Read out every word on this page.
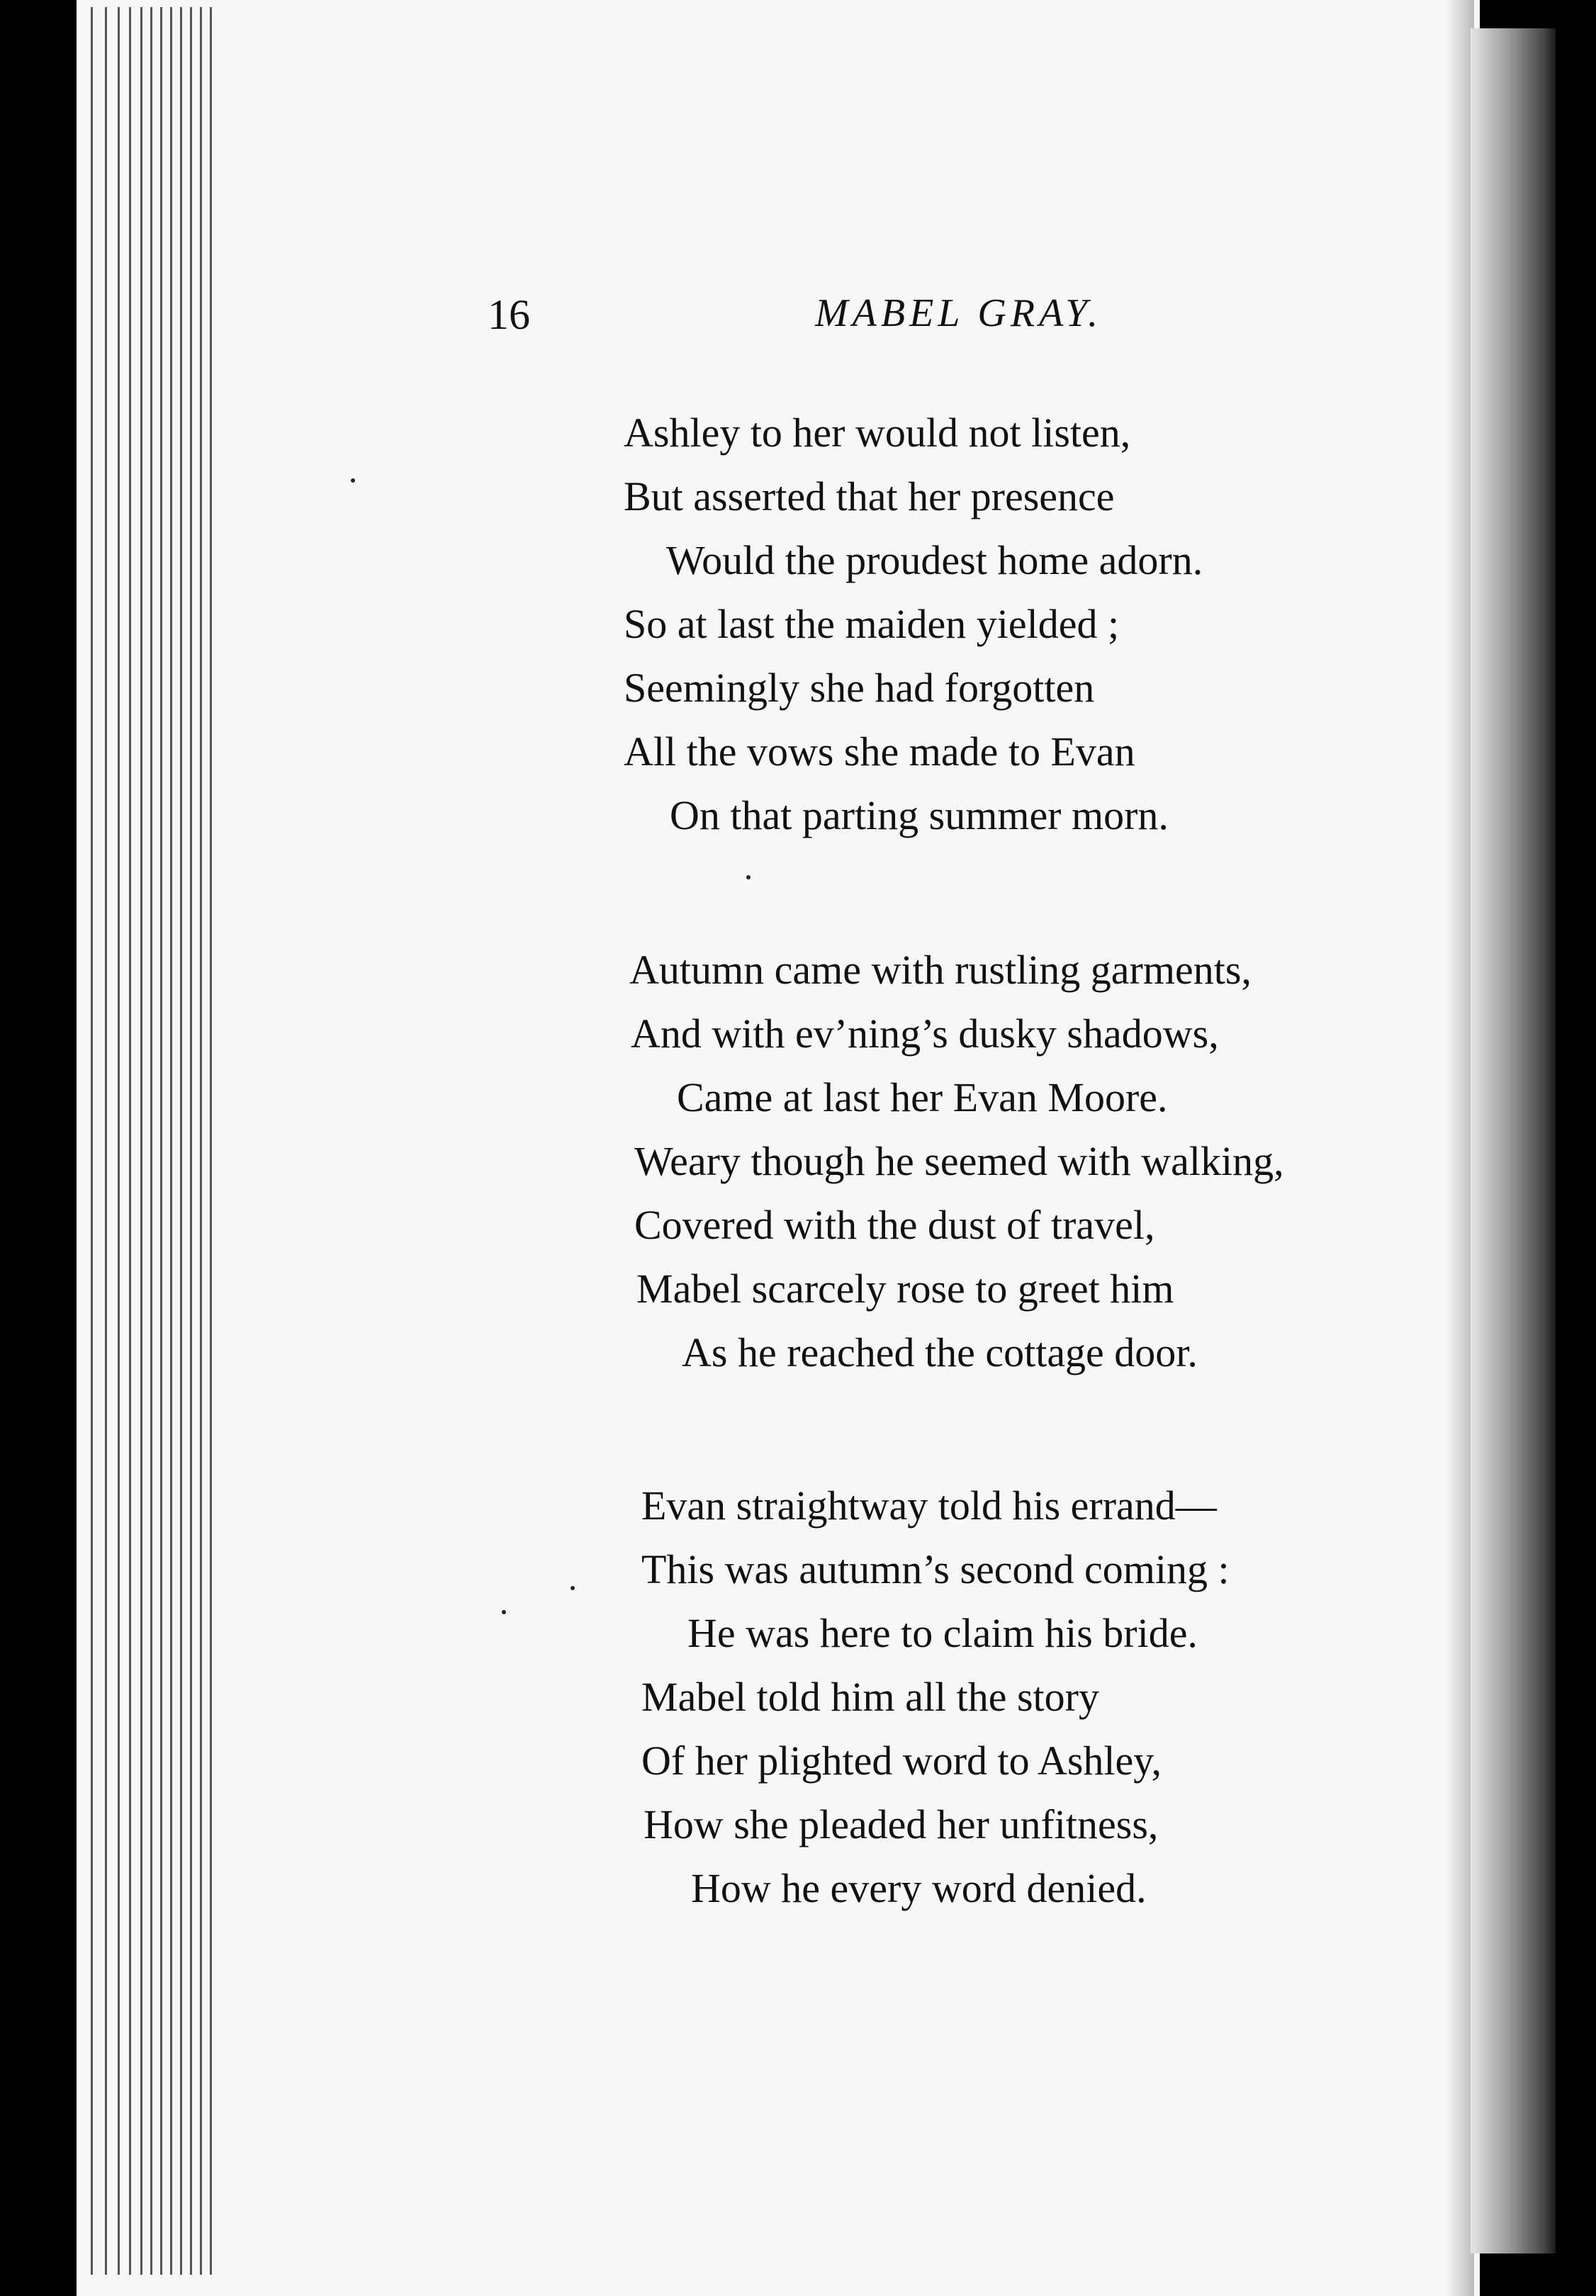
16	MABEL GRAY.
Ashley to her would not listen,
But asserted that her presence
Would the proudest home adorn.
So at last the maiden yielded ;
Seemingly she had forgotten
All the vows she made to Evan
On that parting summer morn.
Autumn came with rustling garments,
And with ev’ning’s dusky shadows,
Came at last her Evan Moore.
Weary though he seemed with walking,
Covered with the dust of travel,
Mabel scarcely rose to greet him
As he reached the cottage door.
Evan straightway told his errand—
This was autumn’s second coming :
He was here to claim his bride.
Mabel told him all the story
Of her plighted word to Ashley,
How she pleaded her unfitness,
How he every word denied.
